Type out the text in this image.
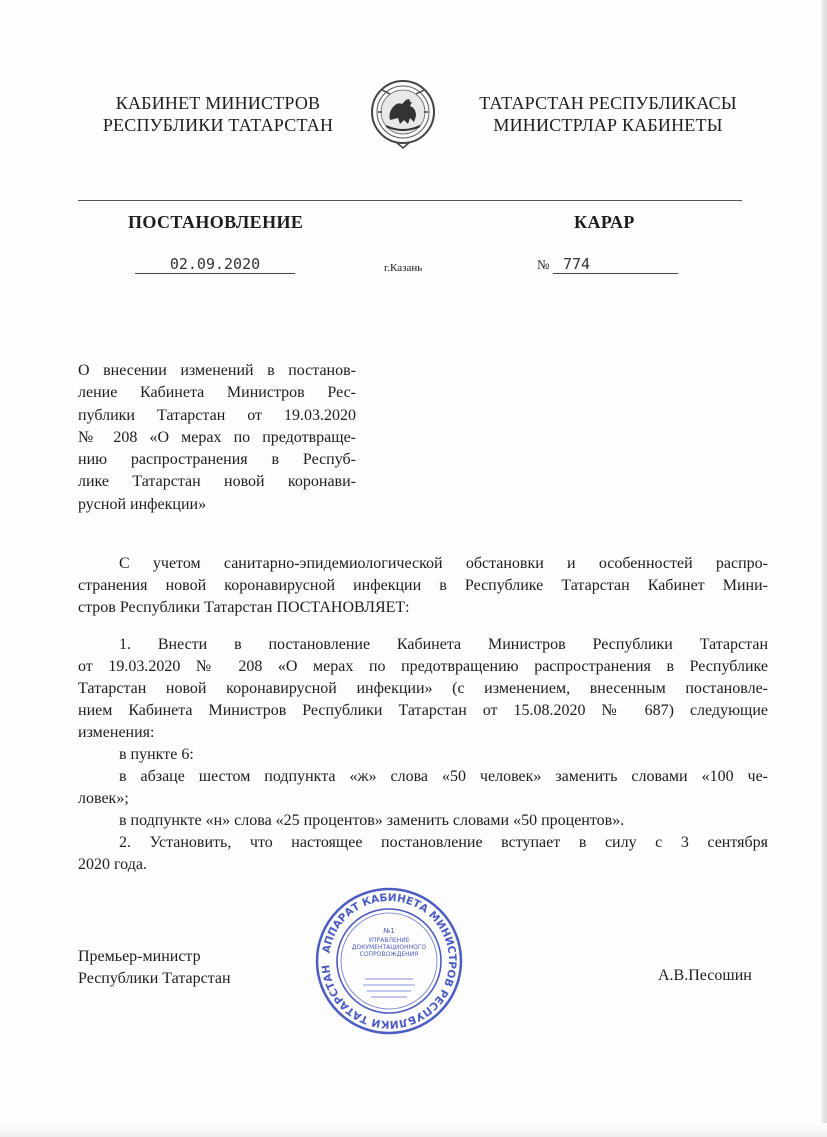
КАБИНЕТ МИНИСТРОВ
РЕСПУБЛИКИ ТАТАРСТАН
ТАТАРСТАН РЕСПУБЛИКАСЫ
МИНИСТРЛАР КАБИНЕТЫ
ПОСТАНОВЛЕНИЕ	КАРАР
02.09.2020	г.Казань	№ 774
О внесении изменений в постанов-
ление Кабинета Министров Рес-
публики Татарстан от 19.03.2020
№ 208 «О мерах по предотвраще-
нию распространения в Респуб-
лике Татарстан новой коронави-
русной инфекции»
С учетом санитарно-эпидемиологической обстановки и особенностей распро-
странения новой коронавирусной инфекции в Республике Татарстан Кабинет Мини-
стров Республики Татарстан ПОСТАНОВЛЯЕТ:
1. Внести в постановление Кабинета Министров Республики Татарстан
от 19.03.2020 № 208 «О мерах по предотвращению распространения в Республике
Татарстан новой коронавирусной инфекции» (с изменением, внесенным постановле-
нием Кабинета Министров Республики Татарстан от 15.08.2020 № 687) следующие
изменения:
в пункте 6:
в абзаце шестом подпункта «ж» слова «50 человек» заменить словами «100 че-
ловек»;
в подпункте «н» слова «25 процентов» заменить словами «50 процентов».
2. Установить, что настоящее постановление вступает в силу с 3 сентября
2020 года.
Премьер-министр
Республики Татарстан	А.В.Песошин
АППАРАТ КАБИНЕТА МИНИСТРОВ РЕСПУБЛИКИ ТАТАРСТАН
№1
УПРАВЛЕНИЕ ДОКУМЕНТАЦИОННОГО СОПРОВОЖДЕНИЯ
